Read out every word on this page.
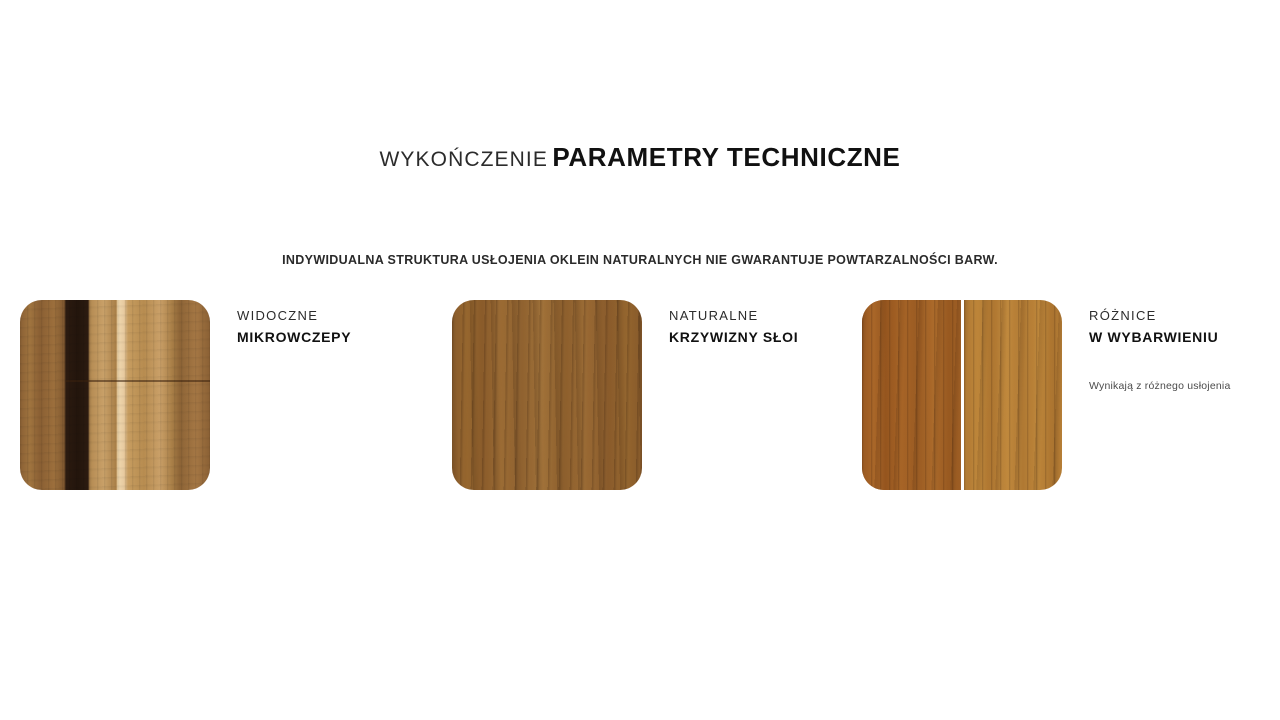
WYKOŃCZENIE PARAMETRY TECHNICZNE
INDYWIDUALNA STRUKTURA USŁOJENIA OKLEIN NATURALNYCH NIE GWARANTUJE POWTARZALNOŚCI BARW.
WIDOCZNE
MIKROWCZEPY
NATURALNE
KRZYWIZNY SŁOI
RÓŻNICE
W WYBARWIENIU
Wynikają z różnego usłojenia
